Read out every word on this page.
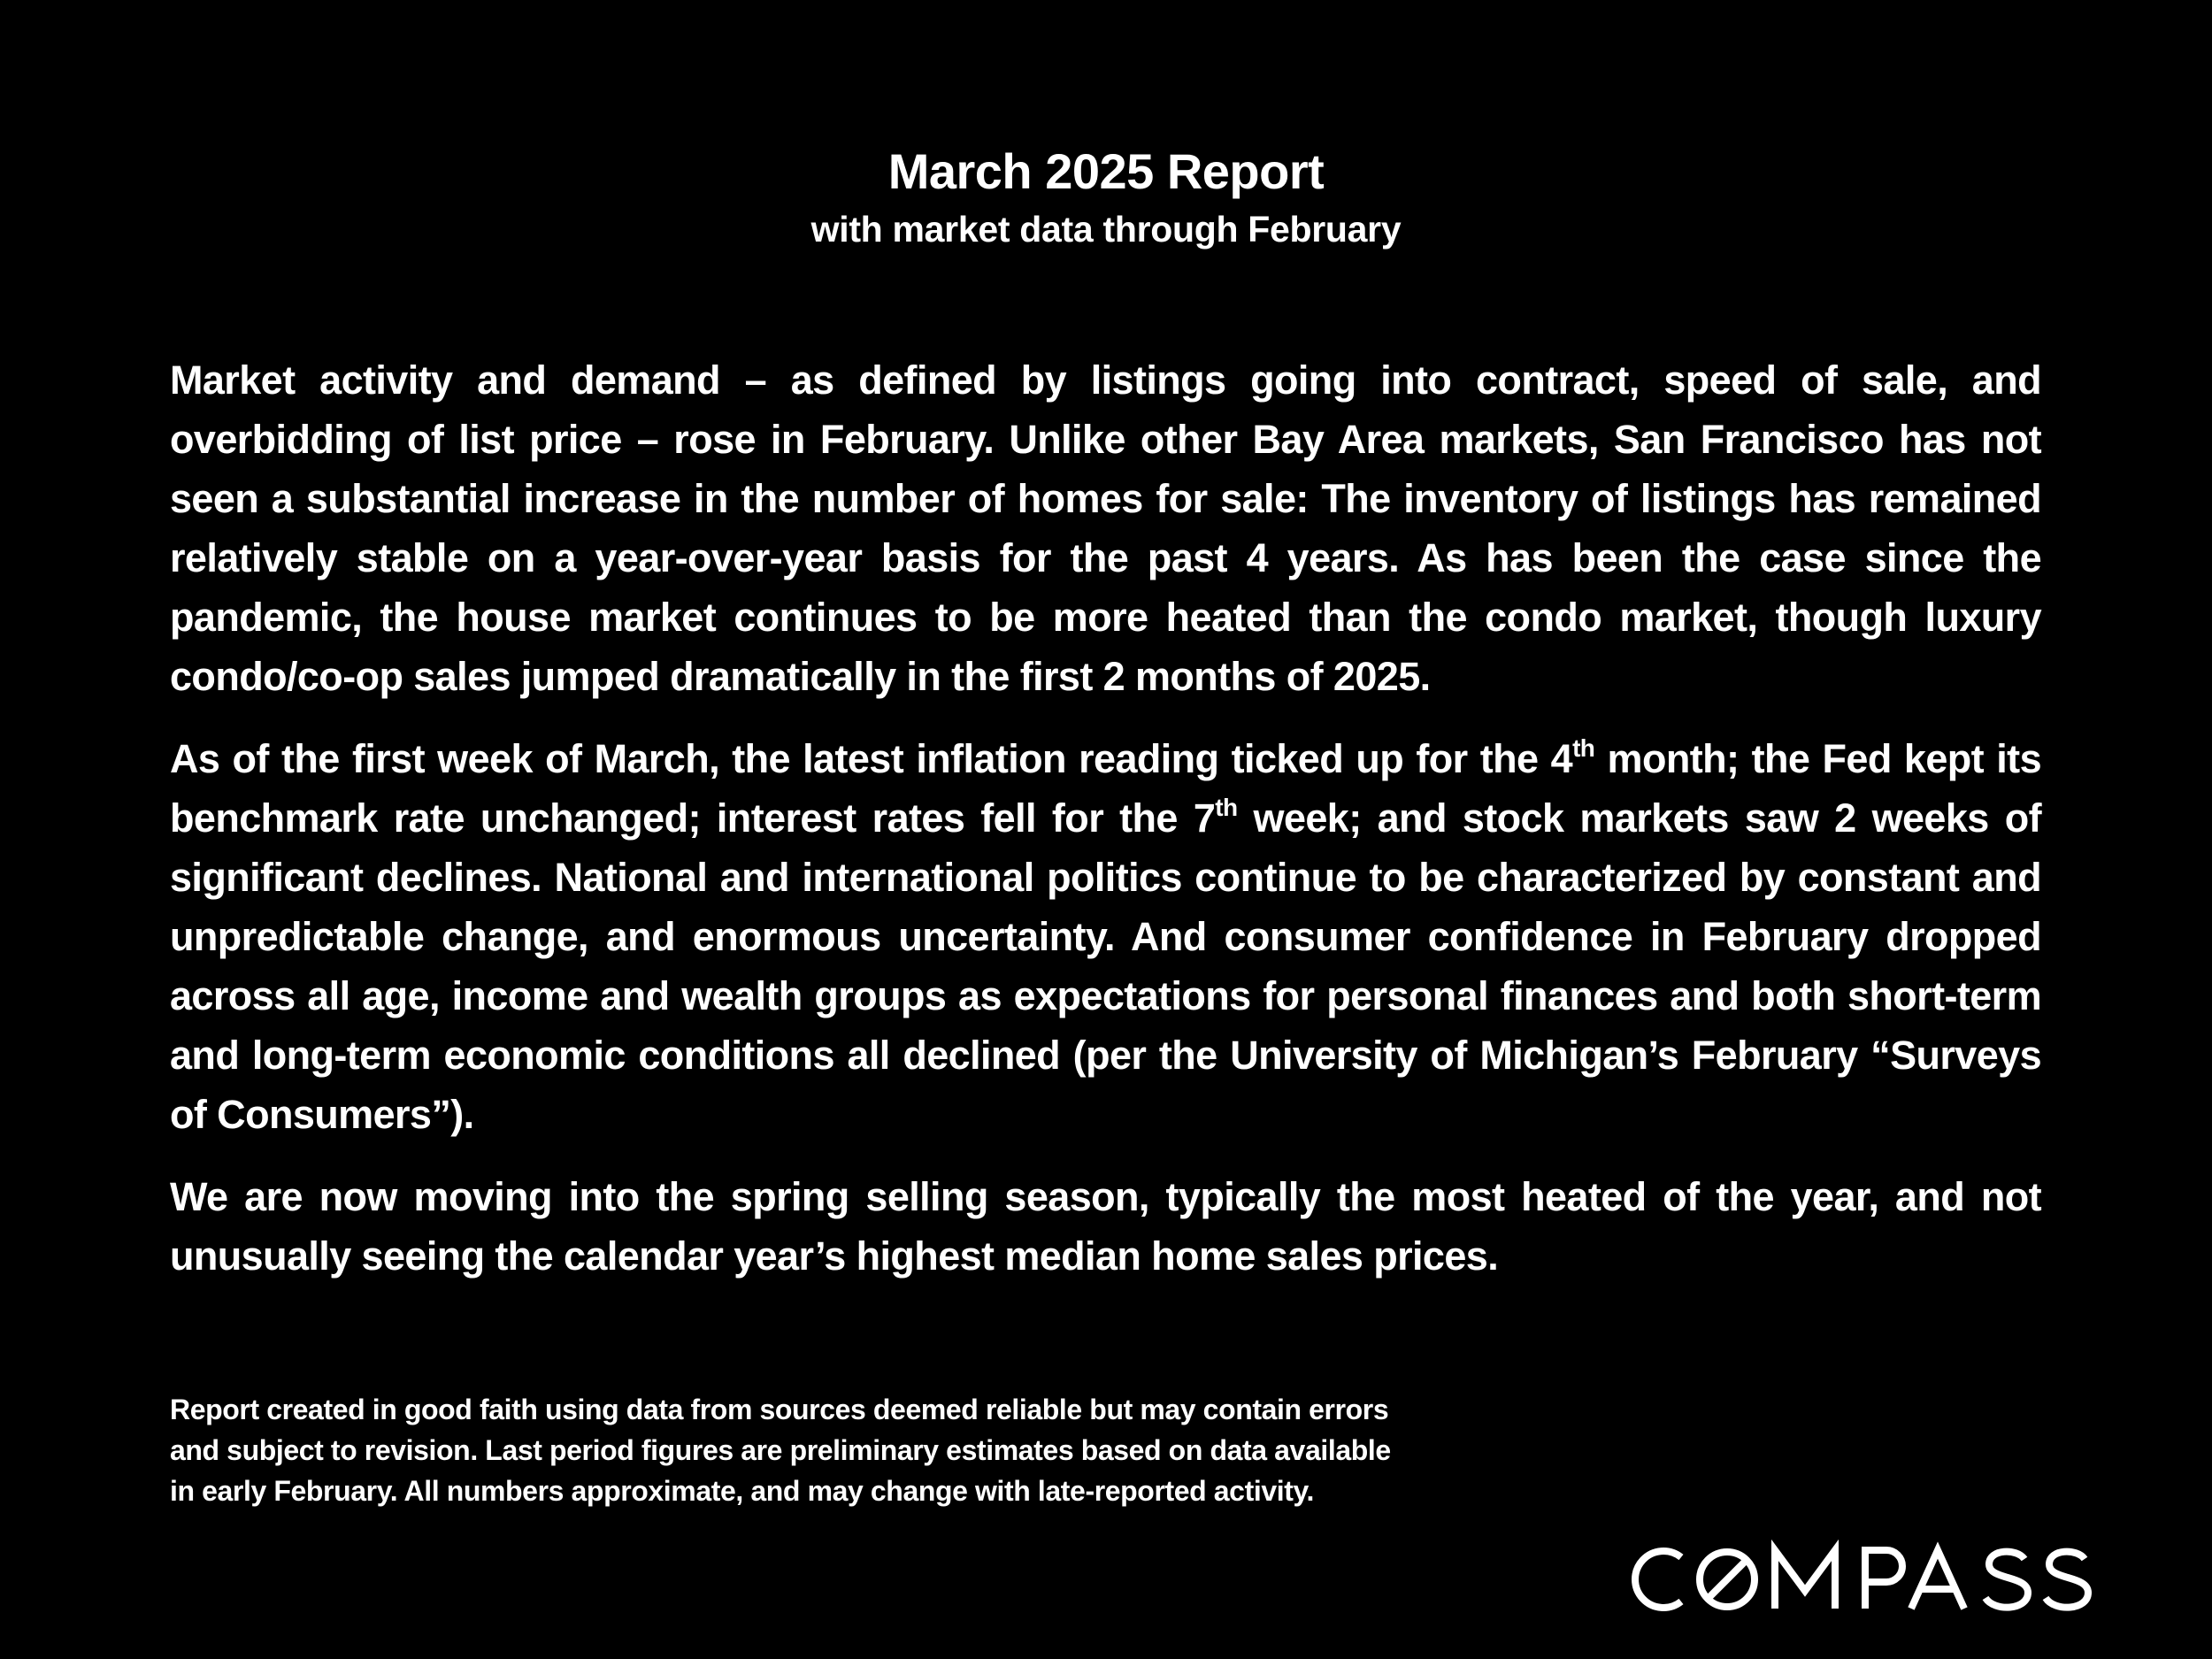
March 2025 Report
with market data through February

Market activity and demand – as defined by listings going into contract, speed of sale, and overbidding of list price – rose in February. Unlike other Bay Area markets, San Francisco has not seen a substantial increase in the number of homes for sale: The inventory of listings has remained relatively stable on a year-over-year basis for the past 4 years. As has been the case since the pandemic, the house market continues to be more heated than the condo market, though luxury condo/co-op sales jumped dramatically in the first 2 months of 2025.

As of the first week of March, the latest inflation reading ticked up for the 4th month; the Fed kept its benchmark rate unchanged; interest rates fell for the 7th week; and stock markets saw 2 weeks of significant declines. National and international politics continue to be characterized by constant and unpredictable change, and enormous uncertainty. And consumer confidence in February dropped across all age, income and wealth groups as expectations for personal finances and both short-term and long-term economic conditions all declined (per the University of Michigan’s February “Surveys of Consumers”).

We are now moving into the spring selling season, typically the most heated of the year, and not unusually seeing the calendar year’s highest median home sales prices.

Report created in good faith using data from sources deemed reliable but may contain errors
and subject to revision. Last period figures are preliminary estimates based on data available
in early February. All numbers approximate, and may change with late-reported activity.
